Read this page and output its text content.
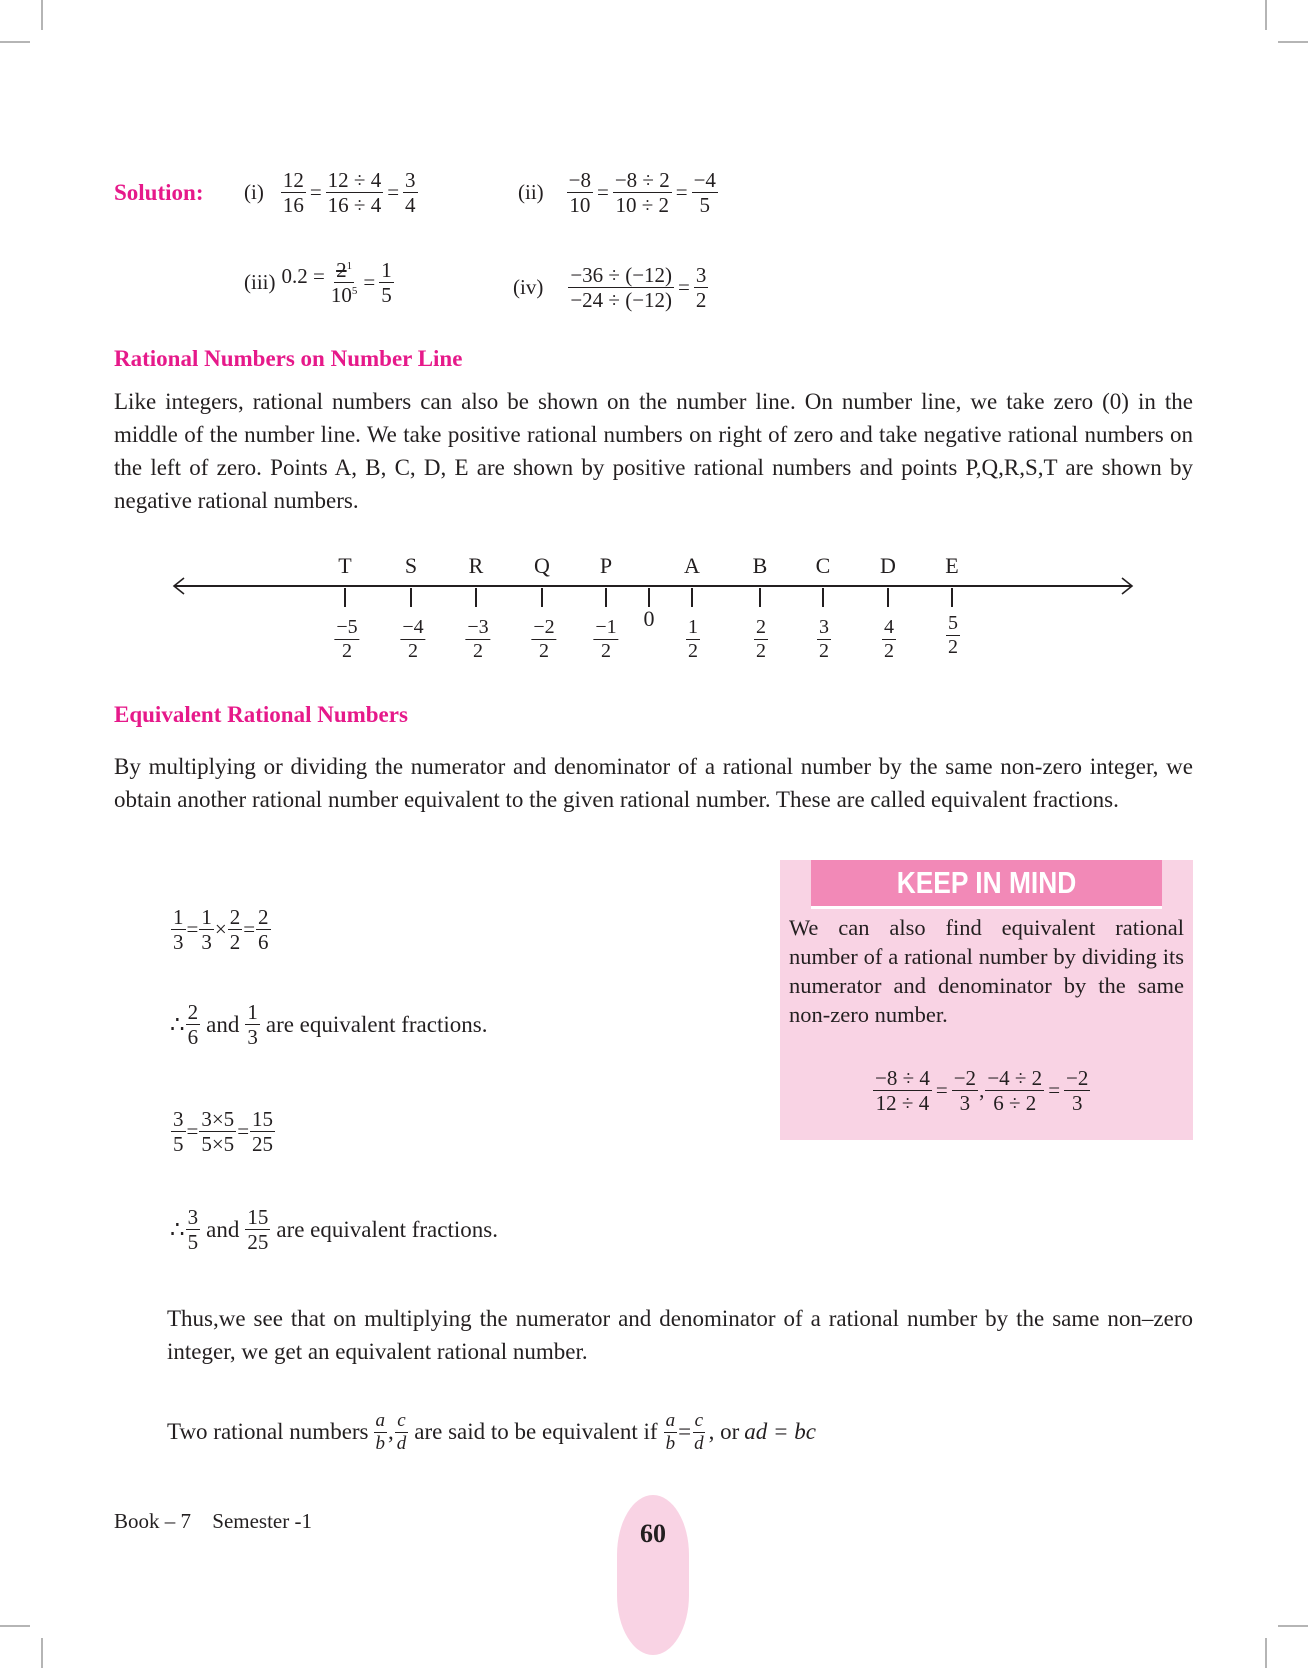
Solution: $(i) \frac{12}{16} = \frac{12 \div 4}{16 \div 4} = \frac{3}{4}$	$(ii) \frac{-8}{10} = \frac{-8 \div 2}{10 \div 2} = \frac{-4}{5}$
(iii) $0.2 = \frac{2^1}{10^5} = \frac{1}{5}$	$(iv) \frac{-36 \div (-12)}{-24 \div (-12)} = \frac{3}{2}$
Rational Numbers on Number Line
Like integers, rational numbers can also be shown on the number line. On number line, we take zero (0) in the middle of the number line. We take positive rational numbers on right of zero and take negative rational numbers on the left of zero. Points A, B, C, D, E are shown by positive rational numbers and points P,Q,R,S,T are shown by negative rational numbers.
0
T
$\frac{-5}{2}$
S
$\frac{-4}{2}$
R
$\frac{-3}{2}$
Q
$\frac{-2}{2}$
P
$\frac{-1}{2}$
A
$\frac{1}{2}$
B
$\frac{2}{2}$
C
$\frac{3}{2}$
D
$\frac{4}{2}$
E
$\frac{5}{2}$
Equivalent Rational Numbers
By multiplying or dividing the numerator and denominator of a rational number by the same non-zero integer, we obtain another rational number equivalent to the given rational number. These are called equivalent fractions.
$\frac{1}{3} = \frac{1}{3} \times \frac{2}{2} = \frac{2}{6}$
∴ $\frac{2}{6}$ and $\frac{1}{3}$ are equivalent fractions.
$\frac{3}{5} = \frac{3\times 5}{5\times 5} = \frac{15}{25}$
∴ $\frac{3}{5}$ and $\frac{15}{25}$ are equivalent fractions.
Thus,we see that on multiplying the numerator and denominator of a rational number by the same non–zero integer, we get an equivalent rational number.
Two rational numbers $\frac{a}{b}$ , $\frac{c}{d}$ are said to be equivalent if $\frac{a}{b} = \frac{c}{d}$ , or ad = bc
KEEP IN MIND
We can also find equivalent rational number of a rational number by dividing its numerator and denominator by the same non-zero number.
$\frac{-8 \div 4}{12 \div 4} = \frac{-2}{3}$ , $\frac{-4 \div 2}{6 \div 2} = \frac{-2}{3}$
Book – 7 Semester -1	60
